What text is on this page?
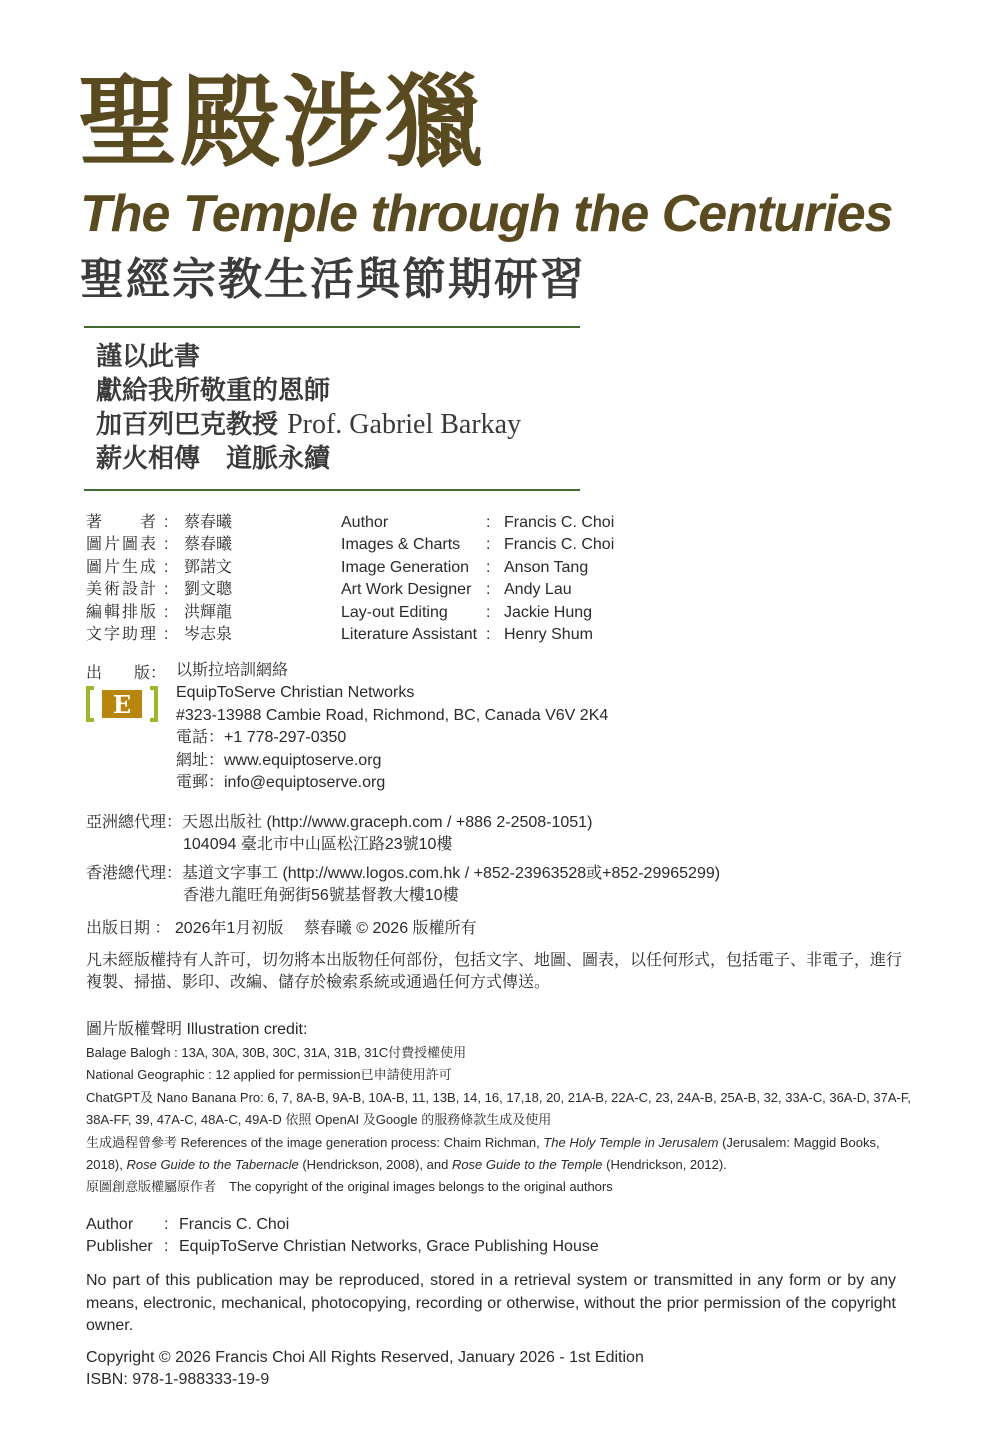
聖殿涉獵
The Temple through the Centuries
聖經宗教生活與節期研習
謹以此書
獻給我所敬重的恩師
加百列巴克教授 Prof. Gabriel Barkay
薪火相傳　道脈永續
著者 : 蔡春曦	Author	: Francis C. Choi
圖片圖表 : 蔡春曦	Images & Charts : Francis C. Choi
圖片生成 : 鄧諾文	Image Generation : Anson Tang
美術設計 : 劉文聰	Art Work Designer : Andy Lau
編輯排版 : 洪輝龍	Lay-out Editing : Jackie Hung
文字助理 : 岑志泉	Literature Assistant : Henry Shum
出　　版：
E
以斯拉培訓網絡
EquipToServe Christian Networks
#323-13988 Cambie Road, Richmond, BC, Canada V6V 2K4
電話：+1 778-297-0350
網址：www.equiptoserve.org
電郵：info@equiptoserve.org
亞洲總代理：天恩出版社 (http://www.graceph.com / +886 2-2508-1051)
104094 臺北市中山區松江路23號10樓
香港總代理：基道文字事工 (http://www.logos.com.hk / +852-23963528或+852-29965299)
香港九龍旺角弼街56號基督教大樓10樓
出版日期 ： 2026年1月初版　 蔡春曦 © 2026 版權所有
凡未經版權持有人許可，切勿將本出版物任何部份，包括文字、地圖、圖表，以任何形式，包括電子、非電子，進行複製、掃描、影印、改編、儲存於檢索系統或通過任何方式傳送。
圖片版權聲明 Illustration credit:
Balage Balogh : 13A, 30A, 30B, 30C, 31A, 31B, 31C付費授權使用
National Geographic : 12 applied for permission已申請使用許可
ChatGPT及 Nano Banana Pro: 6, 7, 8A-B, 9A-B, 10A-B, 11, 13B, 14, 16, 17,18, 20, 21A-B, 22A-C, 23, 24A-B, 25A-B, 32, 33A-C, 36A-D, 37A-F, 38A-FF, 39, 47A-C, 48A-C, 49A-D 依照 OpenAI 及Google 的服務條款生成及使用
生成過程曾參考 References of the image generation process: Chaim Richman, The Holy Temple in Jerusalem (Jerusalem: Maggid Books, 2018), Rose Guide to the Tabernacle (Hendrickson, 2008), and Rose Guide to the Temple (Hendrickson, 2012).
原圖創意版權屬原作者　The copyright of the original images belongs to the original authors
Author : Francis C. Choi
Publisher : EquipToServe Christian Networks, Grace Publishing House
No part of this publication may be reproduced, stored in a retrieval system or transmitted in any form or by any means, electronic, mechanical, photocopying, recording or otherwise, without the prior permission of the copyright owner.
Copyright © 2026 Francis Choi All Rights Reserved, January 2026 - 1st Edition
ISBN: 978-1-988333-19-9
